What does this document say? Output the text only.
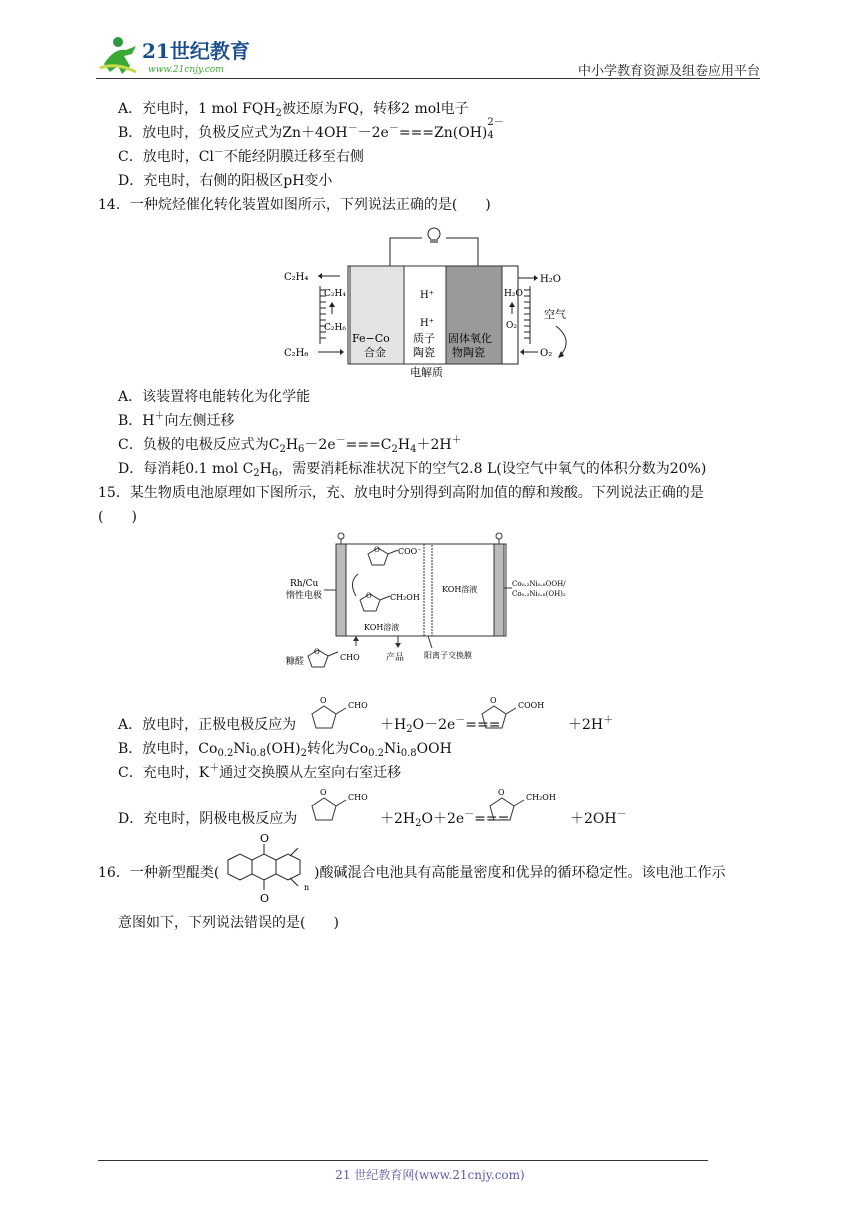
21世纪教育
www.21cnjy.com	中小学教育资源及组卷应用平台
A．充电时，1 mol $FQH_2$被还原为FQ，转移2 mol电子
B．放电时，负极反应式为Zn＋4OH－－2e－===Zn(OH)
2－
4
C．放电时，Cl－不能经阴膜迁移至右侧
D．充电时，右侧的阳极区pH变小
14．一种烷烃催化转化装置如图所示，下列说法正确的是(　　)
Fe−Co
合金
H⁺
H⁺
质子
陶瓷
固体氧化
物陶瓷
电解质
C₂H₄
C₂H₄
C₂H₆
C₂H₆
H₂O
H₂O
O₂
空气
O₂
A．该装置将电能转化为化学能
B．H＋向左侧迁移
C．负极的电极反应式为$C_2H_6-2e^-===C_2H_4+2H^+$
D．每消耗0.1 mol $C_2H_6$，需要消耗标准状况下的空气2.8 L(设空气中氧气的体积分数为20%)
15．某生物质电池原理如下图所示，充、放电时分别得到高附加值的醇和羧酸。下列说法正确的是
(　　)
Rh/Cu
惰性电极
O COO⁻
O CH₂OH
KOH溶液
KOH溶液
Co₀.₂Ni₀.₈OOH/
Co₀.₂Ni₀.₈(OH)₂
糠醛
O
CHO	产品 阳离子交换膜
A．放电时，正极电极反应为
O
CHO
$+H_2O-2e^-===$
O
COOH
＋2H＋
B．放电时，$Co_{0.2}Ni_{0.8}(OH)_2$转化为$Co_{0.2}Ni_{0.8}OOH$
C．充电时，K＋通过交换膜从左室向右室迁移
D．充电时，阴极电极反应为
O
CHO
$+2H_2O+2e^-===$
O
CH₂OH
＋2OH－
16．一种新型醌类(
O
O
n
)酸碱混合电池具有高能量密度和优异的循环稳定性。该电池工作示
意图如下，下列说法错误的是(　　)
21 世纪教育网(www.21cnjy.com)
